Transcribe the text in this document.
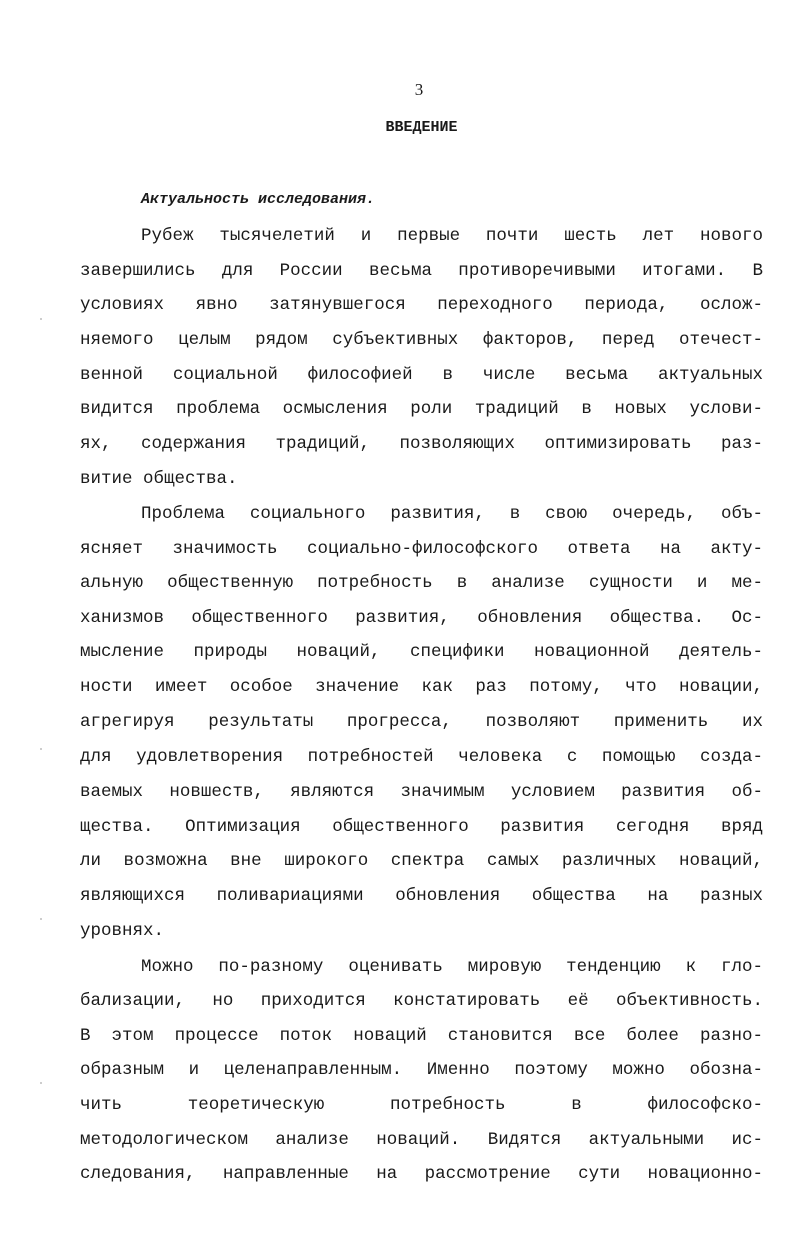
3
ВВЕДЕНИЕ
Актуальность исследования.
Рубеж тысячелетий и первые почти шесть лет нового
завершились для России весьма противоречивыми итогами. В
условиях явно затянувшегося переходного периода, ослож-
няемого целым рядом субъективных факторов, перед отечест-
венной социальной философией в числе весьма актуальных
видится проблема осмысления роли традиций в новых услови-
ях, содержания традиций, позволяющих оптимизировать раз-
витие общества.
Проблема социального развития, в свою очередь, объ-
ясняет значимость социально-философского ответа на акту-
альную общественную потребность в анализе сущности и ме-
ханизмов общественного развития, обновления общества. Ос-
мысление природы новаций, специфики новационной деятель-
ности имеет особое значение как раз потому, что новации,
агрегируя результаты прогресса, позволяют применить их
для удовлетворения потребностей человека с помощью созда-
ваемых новшеств, являются значимым условием развития об-
щества. Оптимизация общественного развития сегодня вряд
ли возможна вне широкого спектра самых различных новаций,
являющихся поливариациями обновления общества на разных
уровнях.
Можно по-разному оценивать мировую тенденцию к гло-
бализации, но приходится констатировать её объективность.
В этом процессе поток новаций становится все более разно-
образным и целенаправленным. Именно поэтому можно обозна-
чить теоретическую потребность в философско-
методологическом анализе новаций. Видятся актуальными ис-
следования, направленные на рассмотрение сути новационно-
